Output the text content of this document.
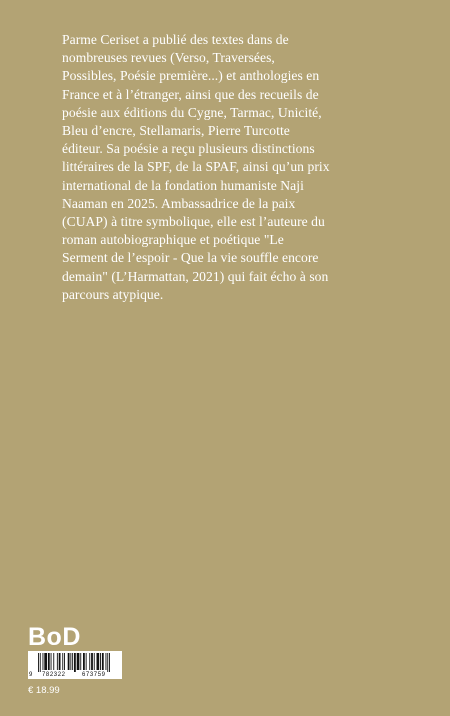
Parme Ceriset a publié des textes dans de
nombreuses revues (Verso, Traversées,
Possibles, Poésie première...) et anthologies en
France et à l’étranger, ainsi que des recueils de
poésie aux éditions du Cygne, Tarmac, Unicité,
Bleu d’encre, Stellamaris, Pierre Turcotte
éditeur. Sa poésie a reçu plusieurs distinctions
littéraires de la SPF, de la SPAF, ainsi qu’un prix
international de la fondation humaniste Naji
Naaman en 2025. Ambassadrice de la paix
(CUAP) à titre symbolique, elle est l’auteure du
roman autobiographique et poétique "Le
Serment de l’espoir - Que la vie souffle encore
demain" (L’Harmattan, 2021) qui fait écho à son
parcours atypique.

BoD
9 782322	673759
€ 18.99
